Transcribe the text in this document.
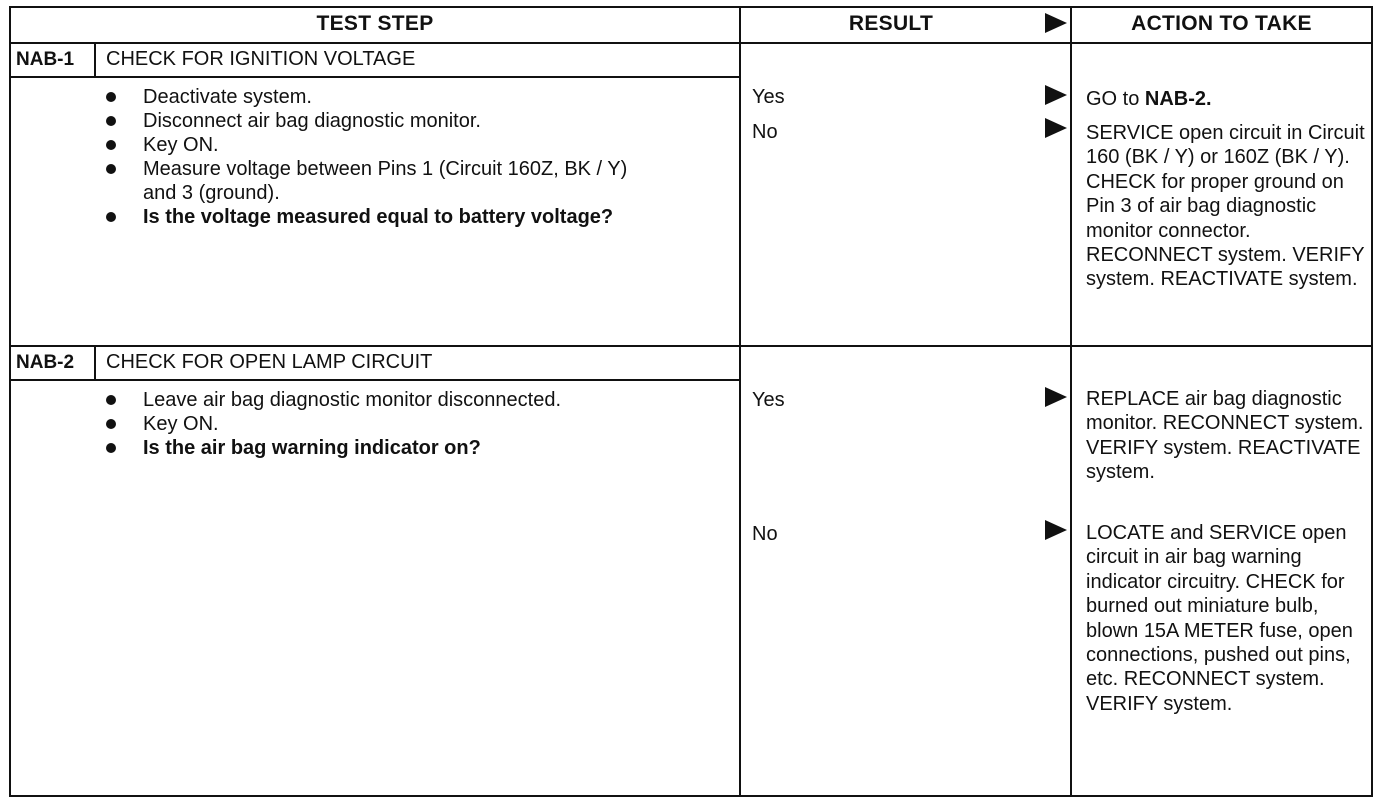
TEST STEP	RESULT	ACTION TO TAKE
NAB-1 CHECK FOR IGNITION VOLTAGE
Deactivate system.
Disconnect air bag diagnostic monitor.
Key ON.
Measure voltage between Pins 1 (Circuit 160Z, BK / Y) and 3 (ground).
Is the voltage measured equal to battery voltage?
Yes	GO to NAB-2.
No	SERVICE open circuit in Circuit 160 (BK / Y) or 160Z (BK / Y). CHECK for proper ground on Pin 3 of air bag diagnostic monitor connector. RECONNECT system. VERIFY system. REACTIVATE system.
NAB-2 CHECK FOR OPEN LAMP CIRCUIT
Leave air bag diagnostic monitor disconnected.
Key ON.
Is the air bag warning indicator on?
Yes	REPLACE air bag diagnostic monitor. RECONNECT system. VERIFY system. REACTIVATE system.
No	LOCATE and SERVICE open circuit in air bag warning indicator circuitry. CHECK for burned out miniature bulb, blown 15A METER fuse, open connections, pushed out pins, etc. RECONNECT system. VERIFY system.
